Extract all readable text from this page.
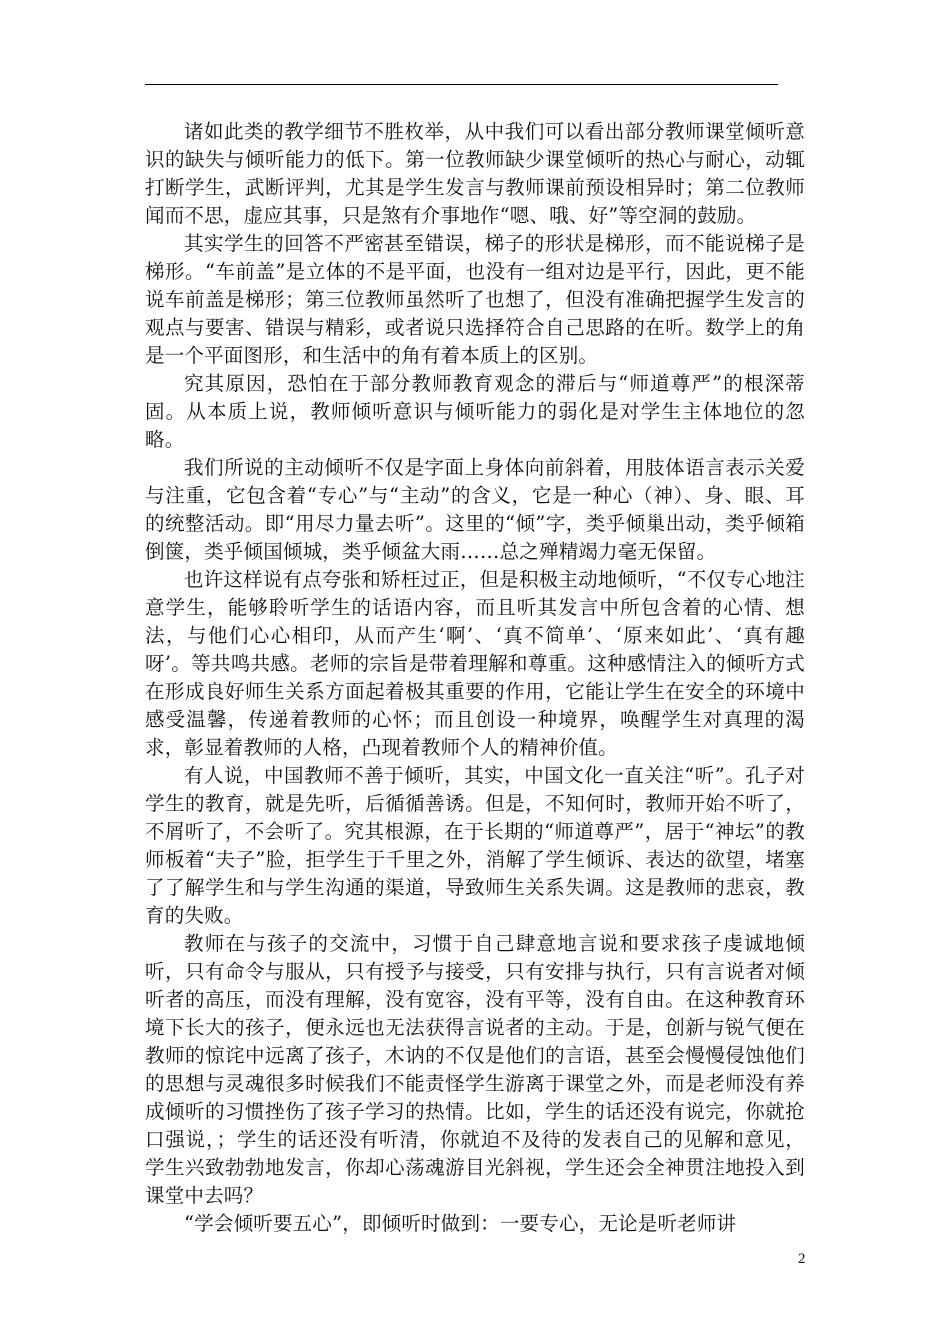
诸如此类的教学细节不胜枚举，从中我们可以看出部分教师课堂倾听意识的缺失与倾听能力的低下。第一位教师缺少课堂倾听的热心与耐心，动辄打断学生，武断评判，尤其是学生发言与教师课前预设相异时；第二位教师闻而不思，虚应其事，只是煞有介事地作“嗯、哦、好”等空洞的鼓励。

其实学生的回答不严密甚至错误，梯子的形状是梯形，而不能说梯子是梯形。“车前盖”是立体的不是平面，也没有一组对边是平行，因此，更不能说车前盖是梯形；第三位教师虽然听了也想了，但没有准确把握学生发言的观点与要害、错误与精彩，或者说只选择符合自己思路的在听。数学上的角是一个平面图形，和生活中的角有着本质上的区别。

究其原因，恐怕在于部分教师教育观念的滞后与“师道尊严”的根深蒂固。从本质上说，教师倾听意识与倾听能力的弱化是对学生主体地位的忽略。

我们所说的主动倾听不仅是字面上身体向前斜着，用肢体语言表示关爱与注重，它包含着“专心”与“主动”的含义，它是一种心（神）、身、眼、耳的统整活动。即“用尽力量去听”。这里的“倾”字，类乎倾巢出动，类乎倾箱倒箧，类乎倾国倾城，类乎倾盆大雨……总之殚精竭力毫无保留。

也许这样说有点夸张和矫枉过正，但是积极主动地倾听，“不仅专心地注意学生，能够聆听学生的话语内容，而且听其发言中所包含着的心情、想法，与他们心心相印，从而产生‘啊’、‘真不简单’、‘原来如此’、‘真有趣呀’。等共鸣共感。老师的宗旨是带着理解和尊重。这种感情注入的倾听方式在形成良好师生关系方面起着极其重要的作用，它能让学生在安全的环境中感受温馨，传递着教师的心怀；而且创设一种境界，唤醒学生对真理的渴求，彰显着教师的人格，凸现着教师个人的精神价值。

有人说，中国教师不善于倾听，其实，中国文化一直关注“听”。孔子对学生的教育，就是先听，后循循善诱。但是，不知何时，教师开始不听了，不屑听了，不会听了。究其根源，在于长期的“师道尊严”，居于“神坛”的教师板着“夫子”脸，拒学生于千里之外，消解了学生倾诉、表达的欲望，堵塞了了解学生和与学生沟通的渠道，导致师生关系失调。这是教师的悲哀，教育的失败。

教师在与孩子的交流中，习惯于自己肆意地言说和要求孩子虔诚地倾听，只有命令与服从，只有授予与接受，只有安排与执行，只有言说者对倾听者的高压，而没有理解，没有宽容，没有平等，没有自由。在这种教育环境下长大的孩子，便永远也无法获得言说者的主动。于是，创新与锐气便在教师的惊诧中远离了孩子，木讷的不仅是他们的言语，甚至会慢慢侵蚀他们的思想与灵魂很多时候我们不能责怪学生游离于课堂之外，而是老师没有养成倾听的习惯挫伤了孩子学习的热情。比如，学生的话还没有说完，你就抢口强说，；学生的话还没有听清，你就迫不及待的发表自己的见解和意见，学生兴致勃勃地发言，你却心荡魂游目光斜视，学生还会全神贯注地投入到课堂中去吗？

“学会倾听要五心”，即倾听时做到：一要专心，无论是听老师讲

2
